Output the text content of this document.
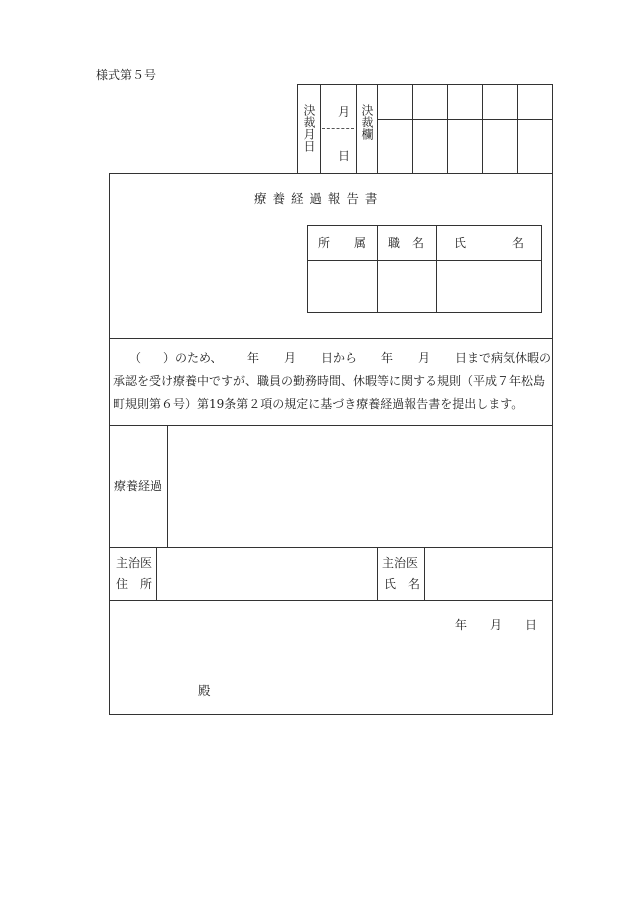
様式第５号
決裁月日 月
日
決裁欄
療 養 経 過 報 告 書
所　　属 職　名 氏	名
（ ）のため、 年 月 日から 年 月 日まで病気休暇の
承認を受け療養中ですが、職員の勤務時間、休暇等に関する規則（平成７年松島
町規則第６号）第19条第２項の規定に基づき療養経過報告書を提出します。
療養経過
主治医
住　所
主治医
氏　名
年 月 日
殿
